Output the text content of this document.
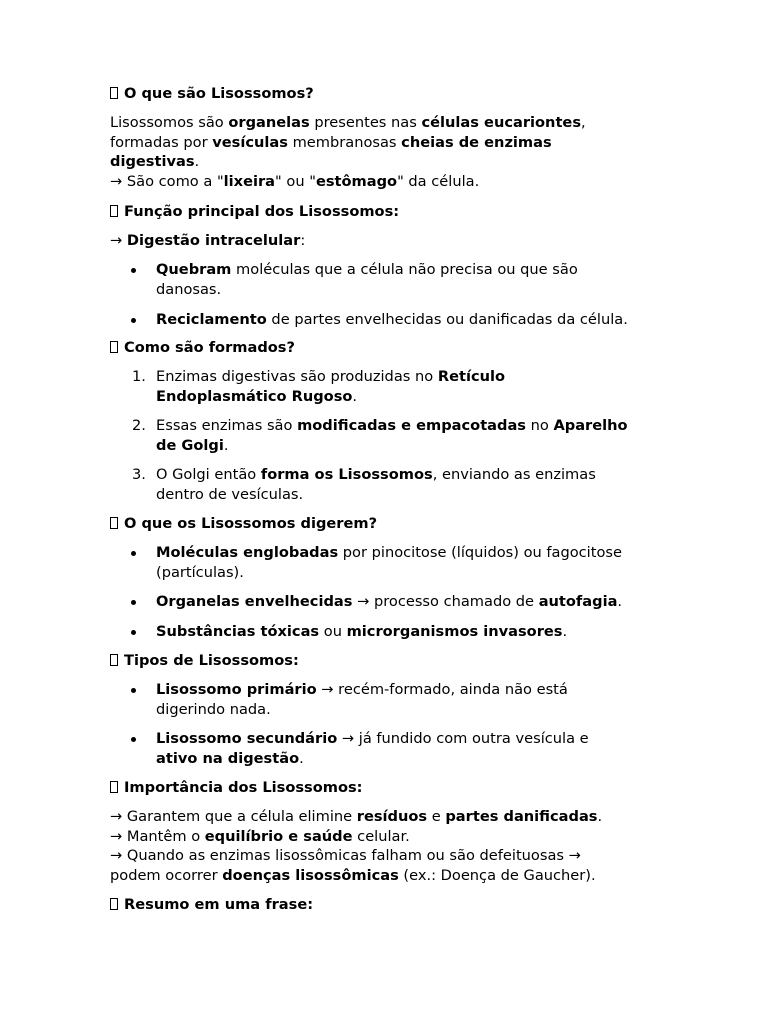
O que são Lisossomos?
Lisossomos são organelas presentes nas células eucariontes,
formadas por vesículas membranosas cheias de enzimas
digestivas.
→ São como a "lixeira" ou "estômago" da célula.
Função principal dos Lisossomos:
→ Digestão intracelular:
Quebram moléculas que a célula não precisa ou que são
danosas.
Reciclamento de partes envelhecidas ou danificadas da célula.
Como são formados?
1. Enzimas digestivas são produzidas no Retículo
Endoplasmático Rugoso.
2. Essas enzimas são modificadas e empacotadas no Aparelho
de Golgi.
3. O Golgi então forma os Lisossomos, enviando as enzimas
dentro de vesículas.
O que os Lisossomos digerem?
Moléculas englobadas por pinocitose (líquidos) ou fagocitose
(partículas).
Organelas envelhecidas → processo chamado de autofagia.
Substâncias tóxicas ou microrganismos invasores.
Tipos de Lisossomos:
Lisossomo primário → recém-formado, ainda não está
digerindo nada.
Lisossomo secundário → já fundido com outra vesícula e
ativo na digestão.
Importância dos Lisossomos:
→ Garantem que a célula elimine resíduos e partes danificadas.
→ Mantêm o equilíbrio e saúde celular.
→ Quando as enzimas lisossômicas falham ou são defeituosas →
podem ocorrer doenças lisossômicas (ex.: Doença de Gaucher).
Resumo em uma frase:
